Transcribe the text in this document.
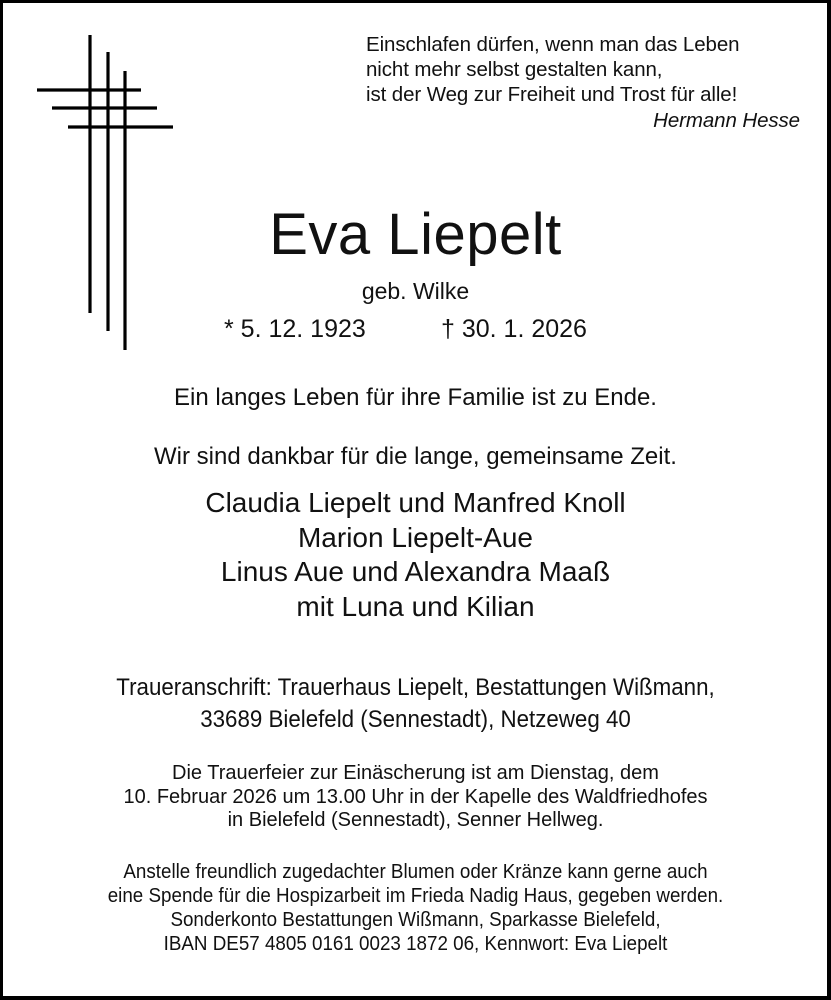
Einschlafen dürfen, wenn man das Leben
nicht mehr selbst gestalten kann,
ist der Weg zur Freiheit und Trost für alle!
Hermann Hesse
Eva Liepelt
geb. Wilke
* 5. 12. 1923	† 30. 1. 2026
Ein langes Leben für ihre Familie ist zu Ende.
Wir sind dankbar für die lange, gemeinsame Zeit.
Claudia Liepelt und Manfred Knoll
Marion Liepelt-Aue
Linus Aue und Alexandra Maaß
mit Luna und Kilian
Traueranschrift: Trauerhaus Liepelt, Bestattungen Wißmann,
33689 Bielefeld (Sennestadt), Netzeweg 40
Die Trauerfeier zur Einäscherung ist am Dienstag, dem
10. Februar 2026 um 13.00 Uhr in der Kapelle des Waldfriedhofes
in Bielefeld (Sennestadt), Senner Hellweg.
Anstelle freundlich zugedachter Blumen oder Kränze kann gerne auch
eine Spende für die Hospizarbeit im Frieda Nadig Haus, gegeben werden.
Sonderkonto Bestattungen Wißmann, Sparkasse Bielefeld,
IBAN DE57 4805 0161 0023 1872 06, Kennwort: Eva Liepelt
